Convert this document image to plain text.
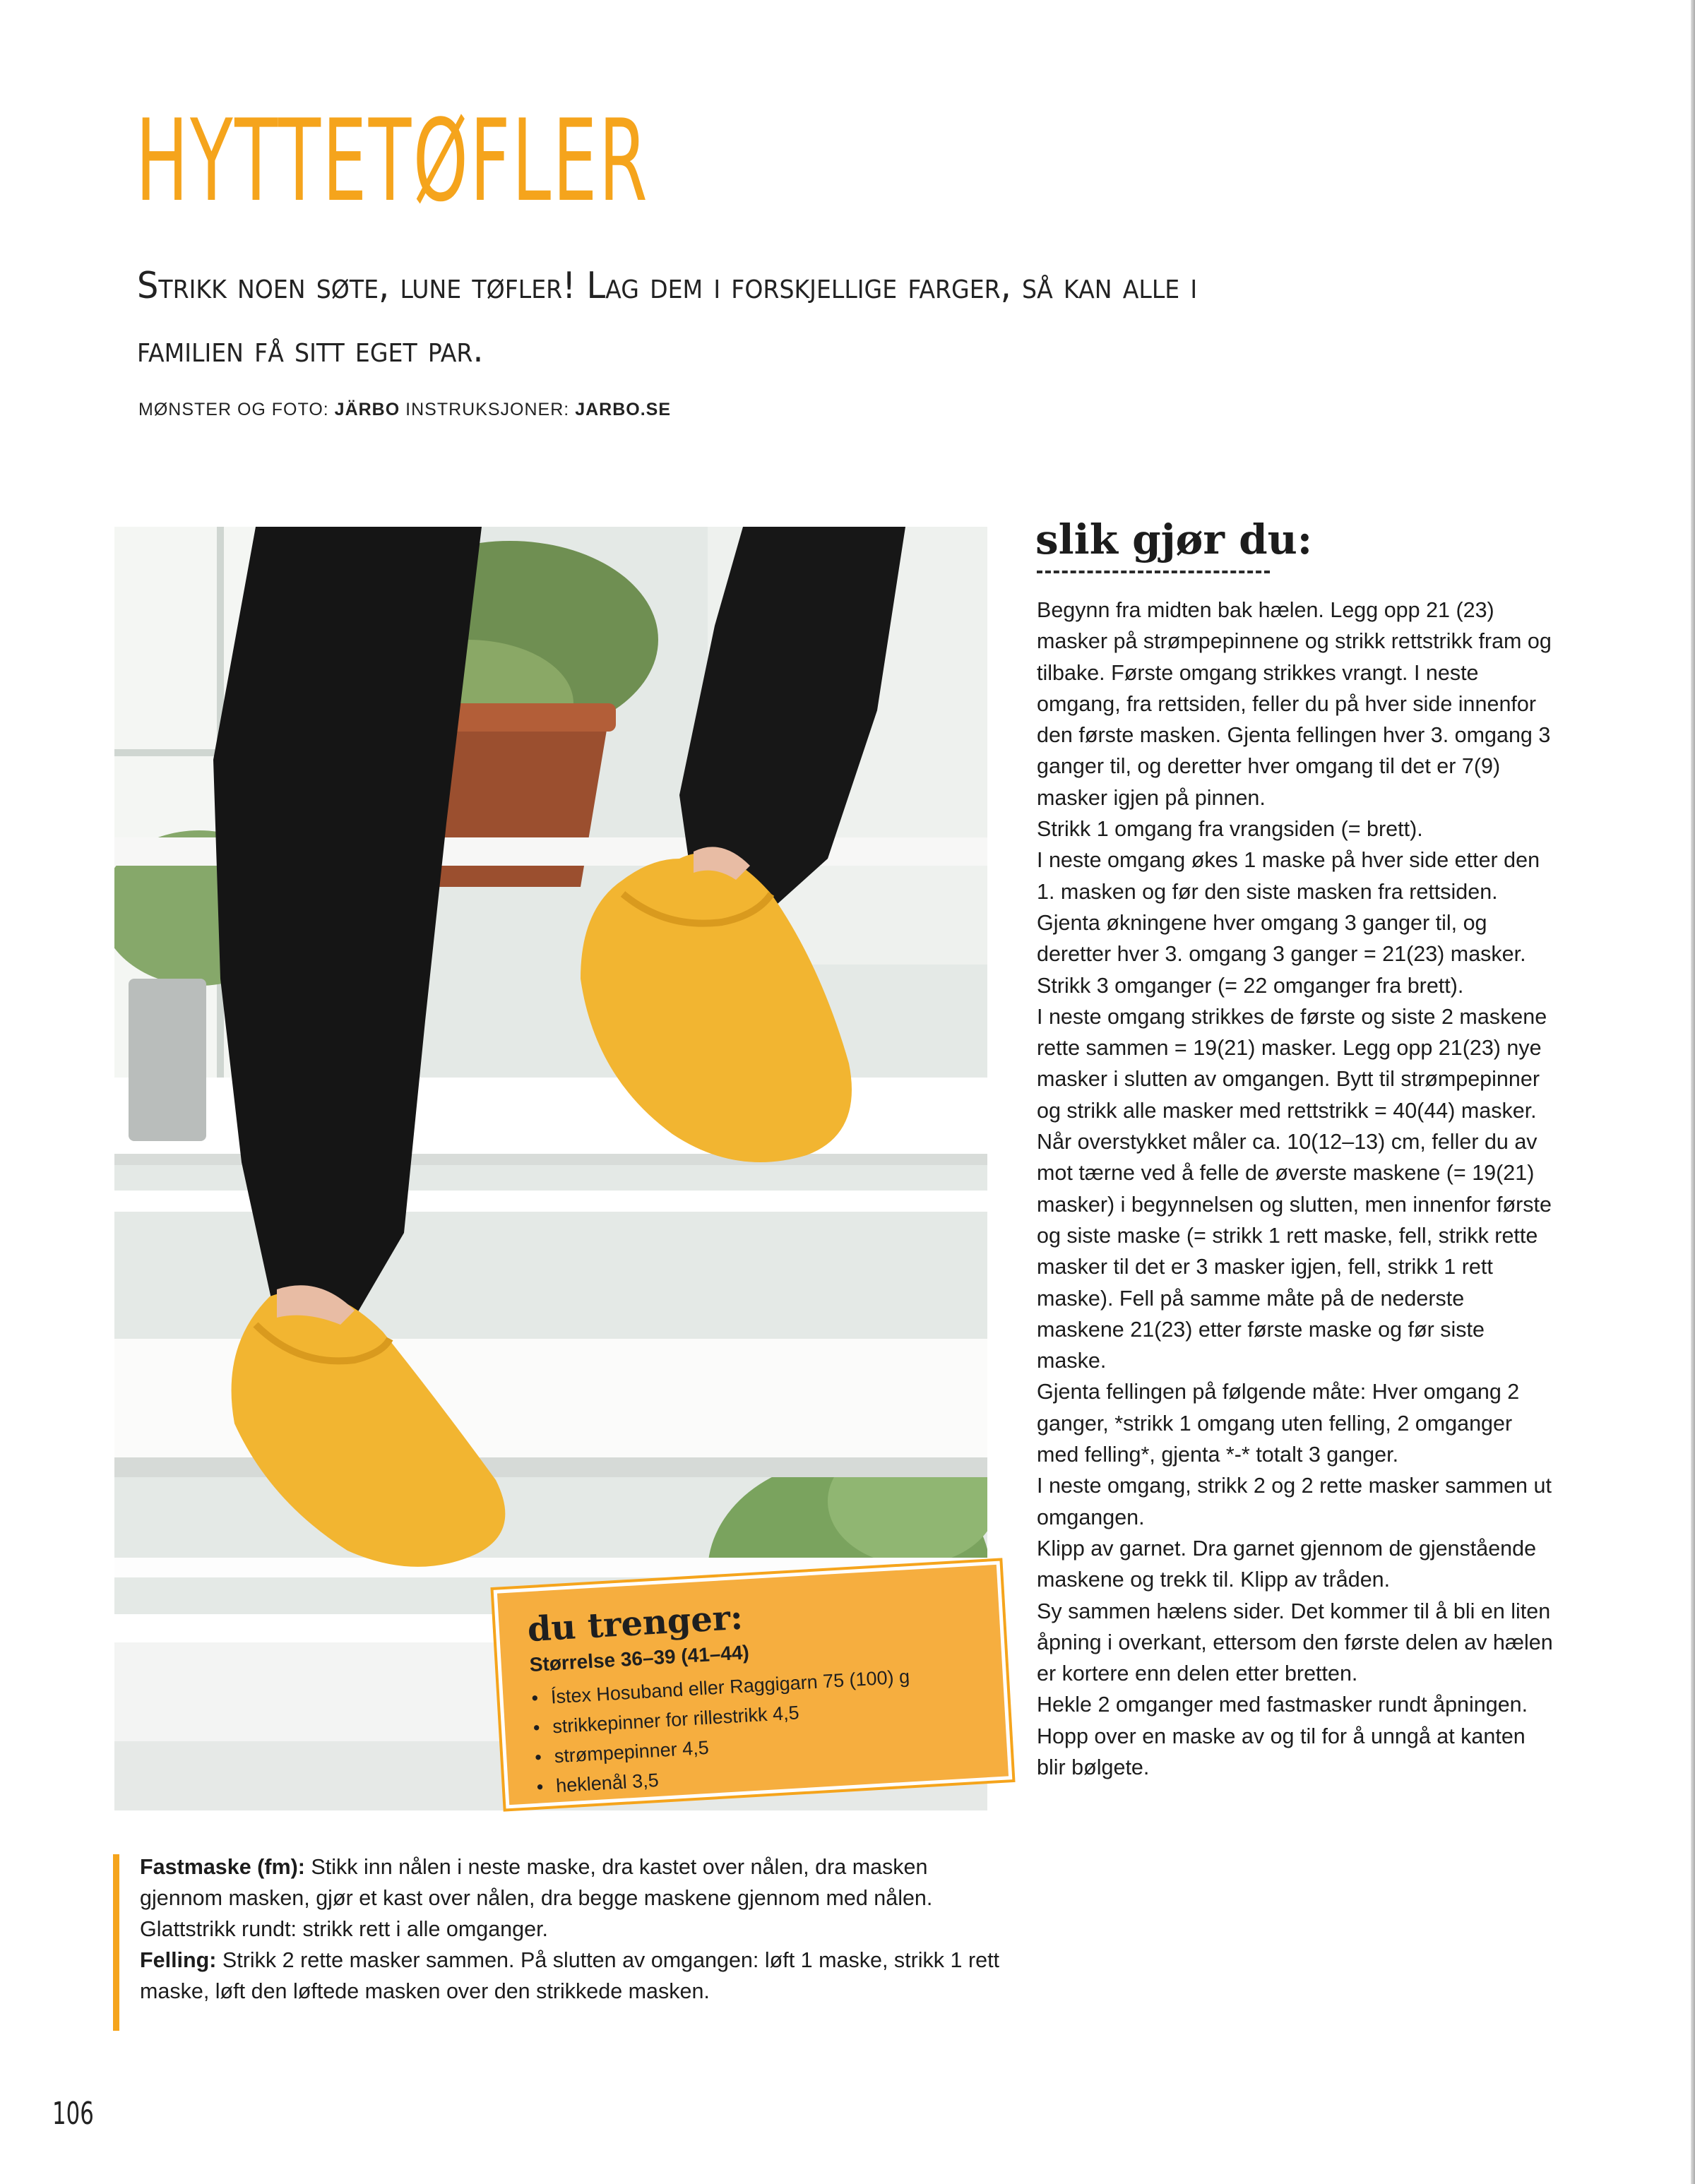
HYTTETØFLER

Strikk noen søte, lune tøfler! Lag dem i forskjellige farger, så kan alle i familien få sitt eget par.

MØNSTER OG FOTO: JÄRBO INSTRUKSJONER: JARBO.SE
du trenger:
Størrelse 36–39 (41–44)
• Ístex Hosuband eller Raggigarn 75 (100) g
• strikkepinner for rillestrikk 4,5
• strømpepinner 4,5
• heklenål 3,5
slik gjør du:

Begynn fra midten bak hælen. Legg opp 21 (23) masker på strømpepinnene og strikk rettstrikk fram og tilbake. Første omgang strikkes vrangt. I neste omgang, fra rettsiden, feller du på hver side innenfor den første masken. Gjenta fellingen hver 3. omgang 3 ganger til, og deretter hver omgang til det er 7(9) masker igjen på pinnen.

Strikk 1 omgang fra vrangsiden (= brett).

I neste omgang økes 1 maske på hver side etter den 1. masken og før den siste masken fra rettsiden. Gjenta økningene hver omgang 3 ganger til, og deretter hver 3. omgang 3 ganger = 21(23) masker.

Strikk 3 omganger (= 22 omganger fra brett).

I neste omgang strikkes de første og siste 2 maskene rette sammen = 19(21) masker. Legg opp 21(23) nye masker i slutten av omgangen. Bytt til strømpepinner og strikk alle masker med rettstrikk = 40(44) masker.

Når overstykket måler ca. 10(12–13) cm, feller du av mot tærne ved å felle de øverste maskene (= 19(21) masker) i begynnelsen og slutten, men innenfor første og siste maske (= strikk 1 rett maske, fell, strikk rette masker til det er 3 masker igjen, fell, strikk 1 rett maske). Fell på samme måte på de nederste maskene 21(23) etter første maske og før siste maske.

Gjenta fellingen på følgende måte: Hver omgang 2 ganger, *strikk 1 omgang uten felling, 2 omganger med felling*, gjenta *-* totalt 3 ganger.

I neste omgang, strikk 2 og 2 rette masker sammen ut omgangen.

Klipp av garnet. Dra garnet gjennom de gjenstående maskene og trekk til. Klipp av tråden.

Sy sammen hælens sider. Det kommer til å bli en liten åpning i overkant, ettersom den første delen av hælen er kortere enn delen etter bretten.

Hekle 2 omganger med fastmasker rundt åpningen. Hopp over en maske av og til for å unngå at kanten blir bølgete.

Fastmaske (fm): Stikk inn nålen i neste maske, dra kastet over nålen, dra masken gjennom masken, gjør et kast over nålen, dra begge maskene gjennom med nålen.

Glattstrikk rundt: strikk rett i alle omganger.

Felling: Strikk 2 rette masker sammen. På slutten av omgangen: løft 1 maske, strikk 1 rett maske, løft den løftede masken over den strikkede masken.

106
